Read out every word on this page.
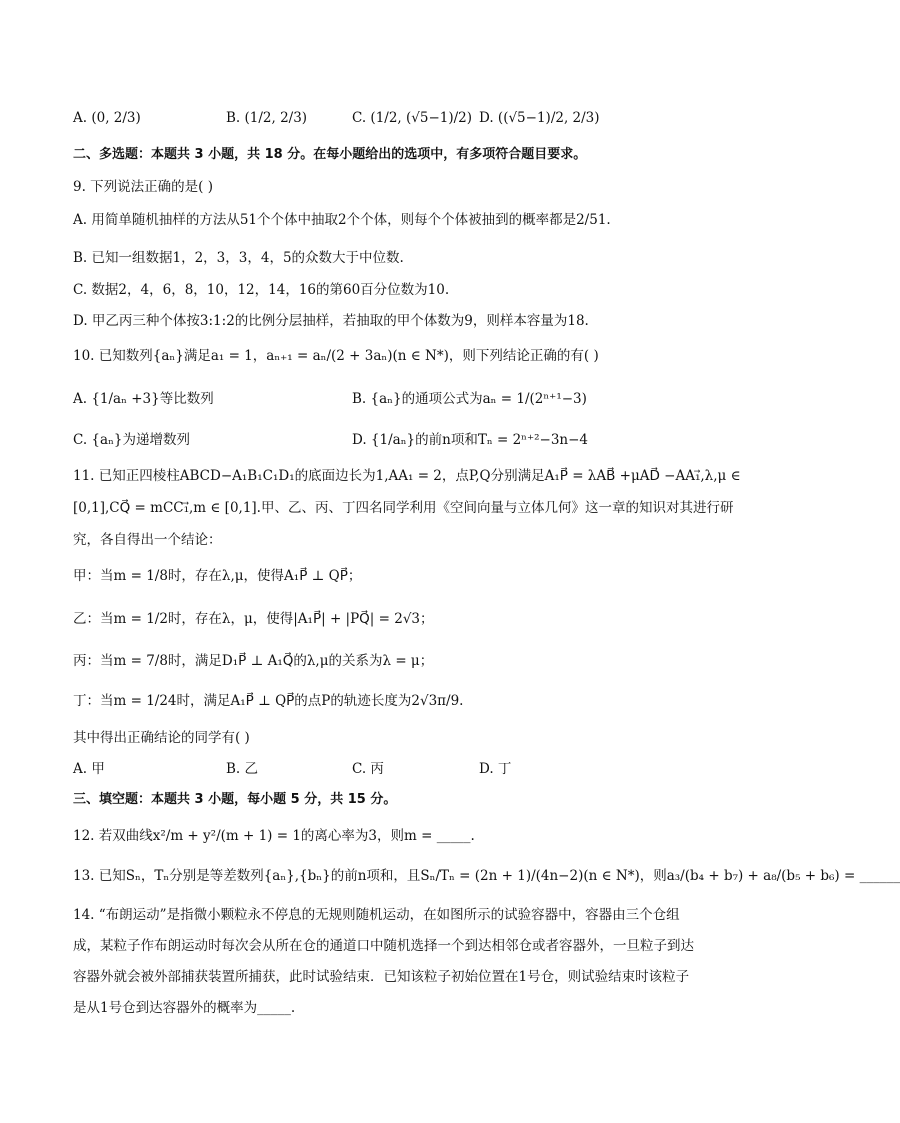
A. (0, 2/3)	B. (1/2, 2/3)	C. (1/2, (√5−1)/2) D. ((√5−1)/2, 2/3)
二、多选题：本题共 3 小题，共 18 分。在每小题给出的选项中，有多项符合题目要求。
9. 下列说法正确的是( )
A. 用简单随机抽样的方法从51个个体中抽取2个个体，则每个个体被抽到的概率都是2/51.
B. 已知一组数据1，2，3，3，4，5的众数大于中位数.
C. 数据2，4，6，8，10，12，14，16的第60百分位数为10.
D. 甲乙丙三种个体按3:1:2的比例分层抽样，若抽取的甲个体数为9，则样本容量为18.
10. 已知数列{aₙ}满足a₁ = 1，aₙ₊₁ = aₙ/(2 + 3aₙ)(n ∈ N*)，则下列结论正确的有( )
A. {1/aₙ +3}等比数列	B. {aₙ}的通项公式为aₙ = 1/(2ⁿ⁺¹−3)
C. {aₙ}为递增数列	D. {1/aₙ}的前n项和Tₙ = 2ⁿ⁺²−3n−4
11. 已知正四棱柱ABCD−A₁B₁C₁D₁的底面边长为1,AA₁ = 2，点P,Q分别满足A₁P⃗ = λAB⃗ +μAD⃗ −AA₁⃗,λ,μ ∈
[0,1],CQ⃗ = mCC₁⃗,m ∈ [0,1].甲、乙、丙、丁四名同学利用《空间向量与立体几何》这一章的知识对其进行研
究，各自得出一个结论：
甲：当m = 1/8时，存在λ,μ，使得A₁P⃗ ⊥ QP⃗；
乙：当m = 1/2时，存在λ，μ，使得|A₁P⃗| + |PQ⃗| = 2√3；
丙：当m = 7/8时，满足D₁P⃗ ⊥ A₁Q⃗的λ,μ的关系为λ = μ；
丁：当m = 1/24时，满足A₁P⃗ ⊥ QP⃗的点P的轨迹长度为2√3π/9.
其中得出正确结论的同学有( )
A. 甲	B. 乙	C. 丙	D. 丁
三、填空题：本题共 3 小题，每小题 5 分，共 15 分。
12. 若双曲线x²/m + y²/(m + 1) = 1的离心率为3，则m = _____.
13. 已知Sₙ，Tₙ分别是等差数列{aₙ},{bₙ}的前n项和，且Sₙ/Tₙ = (2n + 1)/(4n−2)(n ∈ N*)，则a₃/(b₄ + b₇) + a₈/(b₅ + b₆) = ______
14. “布朗运动”是指微小颗粒永不停息的无规则随机运动，在如图所示的试验容器中，容器由三个仓组
成，某粒子作布朗运动时每次会从所在仓的通道口中随机选择一个到达相邻仓或者容器外，一旦粒子到达
容器外就会被外部捕获装置所捕获，此时试验结束．已知该粒子初始位置在1号仓，则试验结束时该粒子
是从1号仓到达容器外的概率为_____.
